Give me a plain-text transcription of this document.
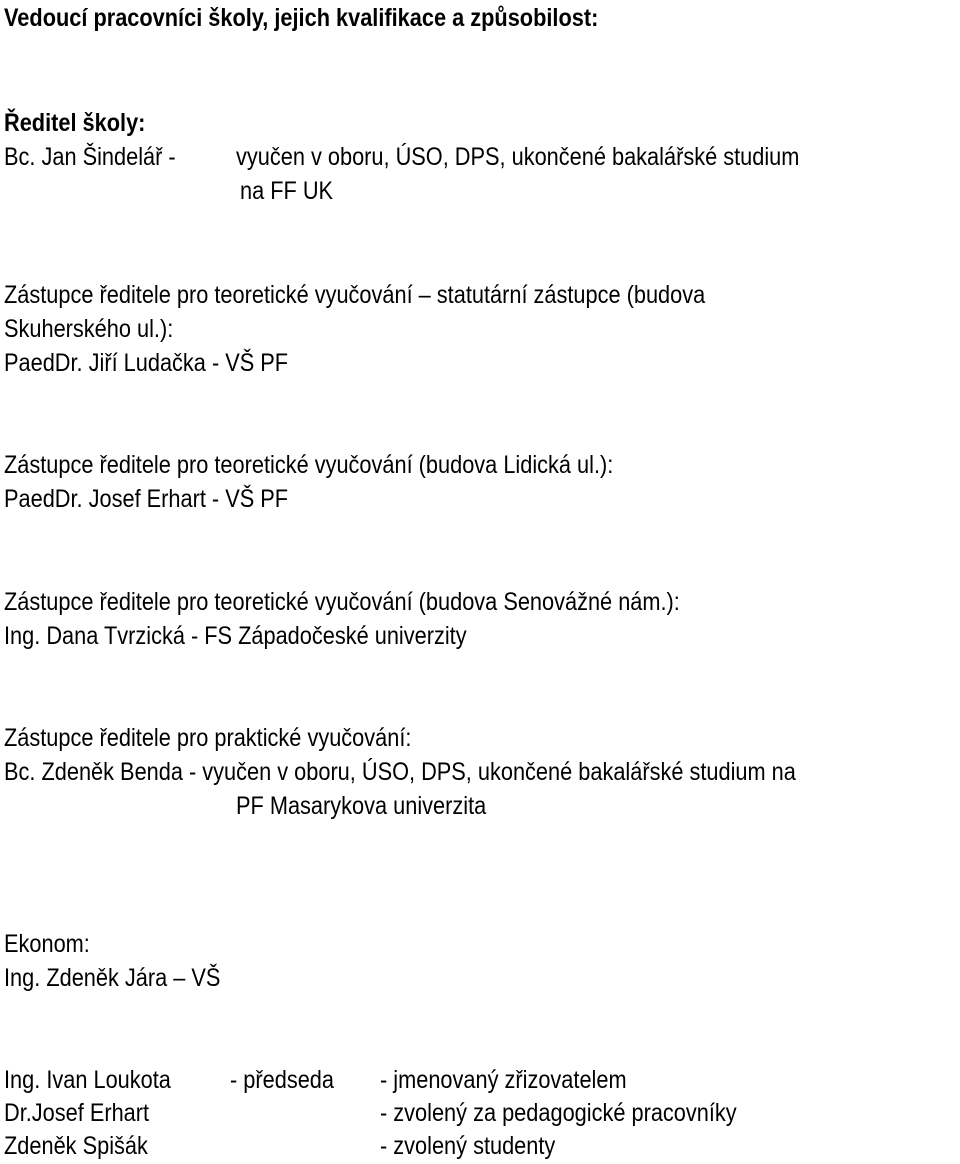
Vedoucí pracovníci školy, jejich kvalifikace a způsobilost:
Ředitel školy:
Bc. Jan Šindelář - vyučen v oboru, ÚSO, DPS, ukončené bakalářské studium
na FF UK
Zástupce ředitele pro teoretické vyučování – statutární zástupce (budova
Skuherského ul.):
PaedDr. Jiří Ludačka - VŠ PF
Zástupce ředitele pro teoretické vyučování (budova Lidická ul.):
PaedDr. Josef Erhart - VŠ PF
Zástupce ředitele pro teoretické vyučování (budova Senovážné nám.):
Ing. Dana Tvrzická - FS Západočeské univerzity
Zástupce ředitele pro praktické vyučování:
Bc. Zdeněk Benda - vyučen v oboru, ÚSO, DPS, ukončené bakalářské studium na
PF Masarykova univerzita
Ekonom:
Ing. Zdeněk Jára – VŠ
Ing. Ivan Loukota - předseda - jmenovaný zřizovatelem
Dr.Josef Erhart	- zvolený za pedagogické pracovníky
Zdeněk Spišák	- zvolený studenty
